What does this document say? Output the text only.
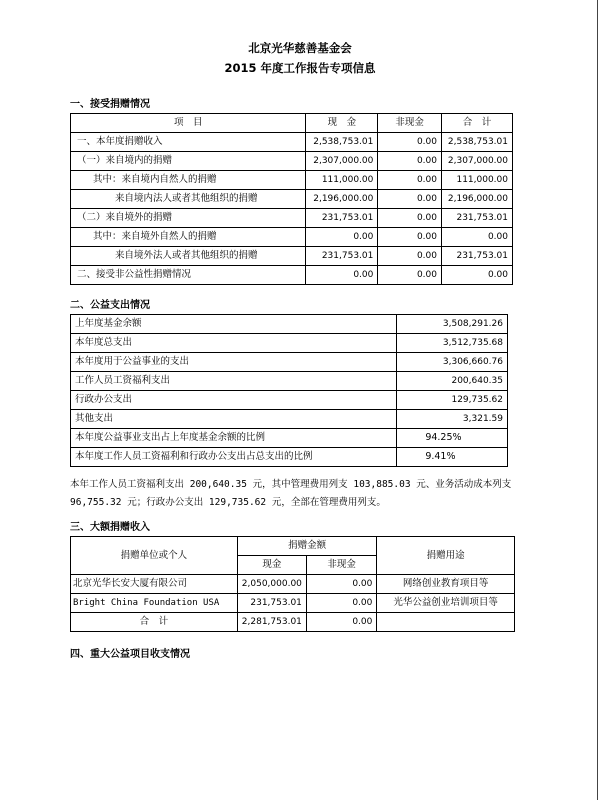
北京光华慈善基金会
2015 年度工作报告专项信息
一、接受捐赠情况
项　目	现　金	非现金	合　计
一、本年度捐赠收入	2,538,753.01	0.00	2,538,753.01
（一）来自境内的捐赠	2,307,000.00	0.00	2,307,000.00
其中：来自境内自然人的捐赠	111,000.00	0.00	111,000.00
来自境内法人或者其他组织的捐赠	2,196,000.00	0.00	2,196,000.00
（二）来自境外的捐赠	231,753.01	0.00	231,753.01
其中：来自境外自然人的捐赠	0.00	0.00	0.00
来自境外法人或者其他组织的捐赠	231,753.01	0.00	231,753.01
二、接受非公益性捐赠情况	0.00	0.00	0.00
二、公益支出情况
上年度基金余额	3,508,291.26
本年度总支出	3,512,735.68
本年度用于公益事业的支出	3,306,660.76
工作人员工资福利支出	200,640.35
行政办公支出	129,735.62
其他支出	3,321.59
本年度公益事业支出占上年度基金余额的比例	94.25%
本年度工作人员工资福利和行政办公支出占总支出的比例	9.41%
本年工作人员工资福利支出 200,640.35 元，其中管理费用列支 103,885.03 元、业务活动成本列支
96,755.32 元；行政办公支出 129,735.62 元，全部在管理费用列支。
三、大额捐赠收入
捐赠单位或个人	捐赠金额		捐赠用途
	现金	非现金	
北京光华长安大厦有限公司	2,050,000.00	0.00	网络创业教育项目等
Bright China Foundation USA	231,753.01	0.00	光华公益创业培训项目等
合　计	2,281,753.01	0.00	
四、重大公益项目收支情况
